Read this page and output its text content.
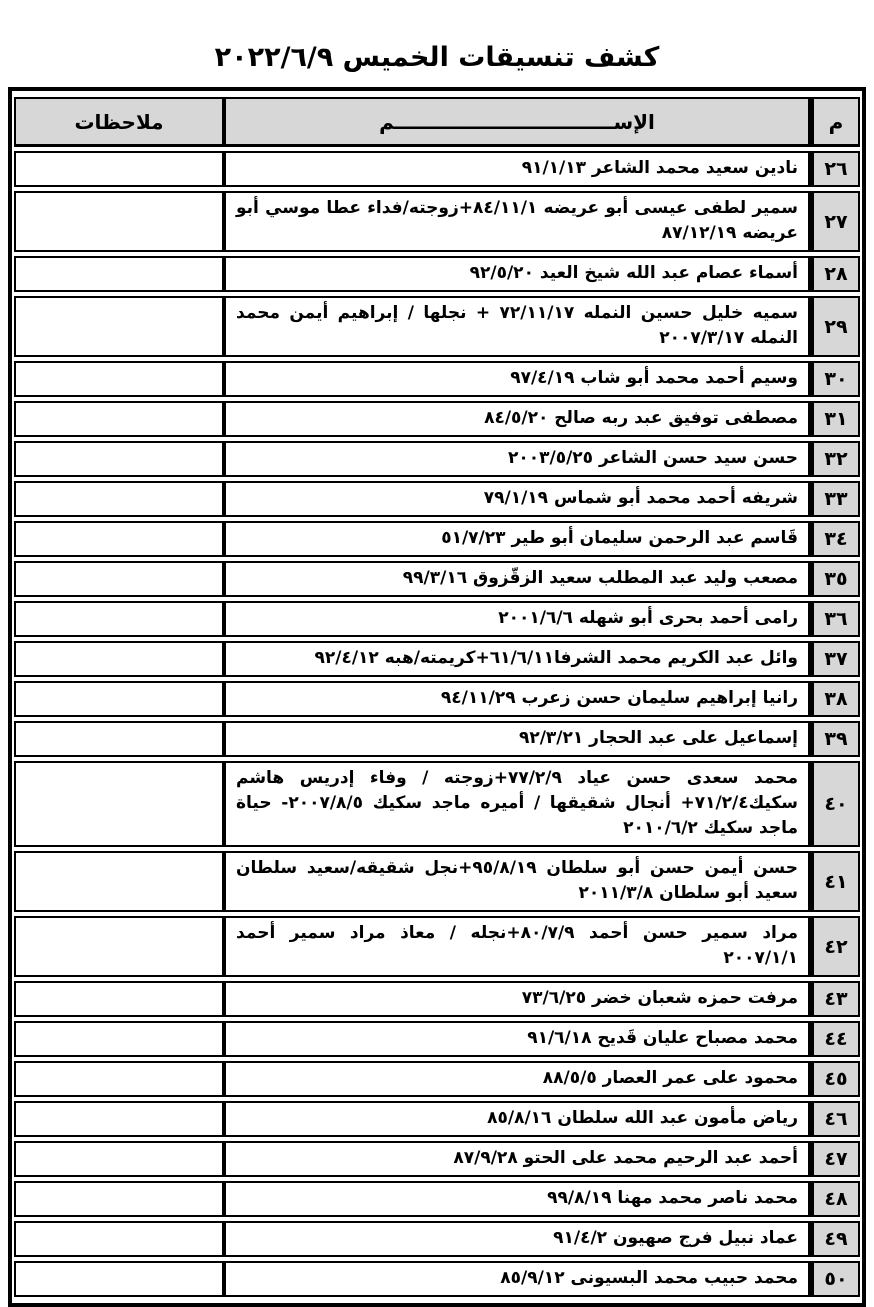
كشف تنسيقات الخميس ٢٠٢٢/٦/٩
م	الإســــــــــــــــــــــــــــــــم	ملاحظات
٢٦	نادين سعيد محمد الشاعر ٩١/١/١٣	
٢٧	سمير لطفى عيسى أبو عريضه ٨٤/١١/١+زوجته/فداء عطا موسي أبو عريضه ٨٧/١٢/١٩	
٢٨	أسماء عصام عبد الله شيخ العيد ٩٢/٥/٢٠	
٢٩	سميه خليل حسين النمله ٧٢/١١/١٧ + نجلها / إبراهيم أيمن محمد النمله ٢٠٠٧/٣/١٧	
٣٠	وسيم أحمد محمد أبو شاب ٩٧/٤/١٩	
٣١	مصطفى توفيق عبد ربه صالح ٨٤/٥/٢٠	
٣٢	حسن سيد حسن الشاعر ٢٠٠٣/٥/٢٥	
٣٣	شريفه أحمد محمد أبو شماس ٧٩/١/١٩	
٣٤	قَاسم عبد الرحمن سليمان أبو طير ٥١/٧/٢٣	
٣٥	مصعب وليد عبد المطلب سعيد الزقّزوق ٩٩/٣/١٦	
٣٦	رامى أحمد بحرى أبو شهله ٢٠٠١/٦/٦	
٣٧	وائل عبد الكريم محمد الشرفا٦١/٦/١١+كريمته/هبه ٩٢/٤/١٢	
٣٨	رانيا إبراهيم سليمان حسن زعرب ٩٤/١١/٢٩	
٣٩	إسماعيل على عبد الحجار ٩٢/٣/٢١	
٤٠	محمد سعدى حسن عياد ٧٧/٢/٩+زوجته / وفاء إدريس هاشم سكيك٧١/٢/٤+ أنجال شقيقها / أميره ماجد سكيك ٢٠٠٧/٨/٥- حياة ماجد سكيك ٢٠١٠/٦/٢	
٤١	حسن أيمن حسن أبو سلطان ٩٥/٨/١٩+نجل شقيقه/سعيد سلطان سعيد أبو سلطان ٢٠١١/٣/٨	
٤٢	مراد سمير حسن أحمد ٨٠/٧/٩+نجله / معاذ مراد سمير أحمد ٢٠٠٧/١/١	
٤٣	مرفت حمزه شعبان خضر ٧٣/٦/٢٥	
٤٤	محمد مصباح عليان قَديح ٩١/٦/١٨	
٤٥	محمود على عمر العصار ٨٨/٥/٥	
٤٦	رياض مأمون عبد الله سلطان ٨٥/٨/١٦	
٤٧	أحمد عبد الرحيم محمد على الحتو ٨٧/٩/٢٨	
٤٨	محمد ناصر محمد مهنا ٩٩/٨/١٩	
٤٩	عماد نبيل فرج صهيون ٩١/٤/٢	
٥٠	محمد حبيب محمد البسيونى ٨٥/٩/١٢	
